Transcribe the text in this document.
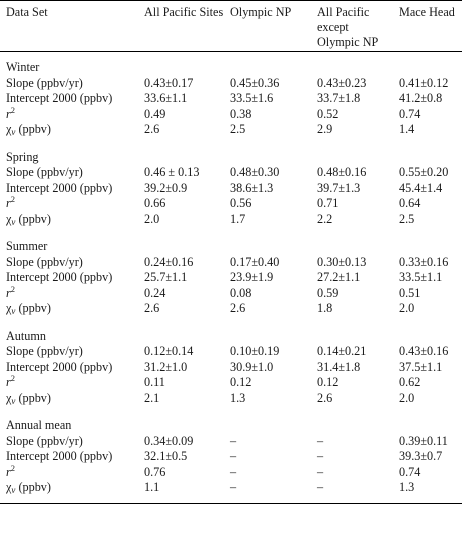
Data Set	All Pacific Sites	Olympic NP	All Pacific except Olympic NP	Mace Head

Winter				
Slope (ppbv/yr)	0.43±0.17	0.45±0.36	0.43±0.23	0.41±0.12
Intercept 2000 (ppbv)	33.6±1.1	33.5±1.6	33.7±1.8	41.2±0.8
$r^2$	0.49	0.38	0.52	0.74
χν (ppbv)	2.6	2.5	2.9	1.4

Spring				
Slope (ppbv/yr)	0.46 ± 0.13	0.48±0.30	0.48±0.16	0.55±0.20
Intercept 2000 (ppbv)	39.2±0.9	38.6±1.3	39.7±1.3	45.4±1.4
$r^2$	0.66	0.56	0.71	0.64
χν (ppbv)	2.0	1.7	2.2	2.5

Summer				
Slope (ppbv/yr)	0.24±0.16	0.17±0.40	0.30±0.13	0.33±0.16
Intercept 2000 (ppbv)	25.7±1.1	23.9±1.9	27.2±1.1	33.5±1.1
$r^2$	0.24	0.08	0.59	0.51
χν (ppbv)	2.6	2.6	1.8	2.0

Autumn				
Slope (ppbv/yr)	0.12±0.14	0.10±0.19	0.14±0.21	0.43±0.16
Intercept 2000 (ppbv)	31.2±1.0	30.9±1.0	31.4±1.8	37.5±1.1
$r^2$	0.11	0.12	0.12	0.62
χν (ppbv)	2.1	1.3	2.6	2.0

Annual mean				
Slope (ppbv/yr)	0.34±0.09	–	–	0.39±0.11
Intercept 2000 (ppbv)	32.1±0.5	–	–	39.3±0.7
$r^2$	0.76	–	–	0.74
χν (ppbv)	1.1	–	–	1.3
